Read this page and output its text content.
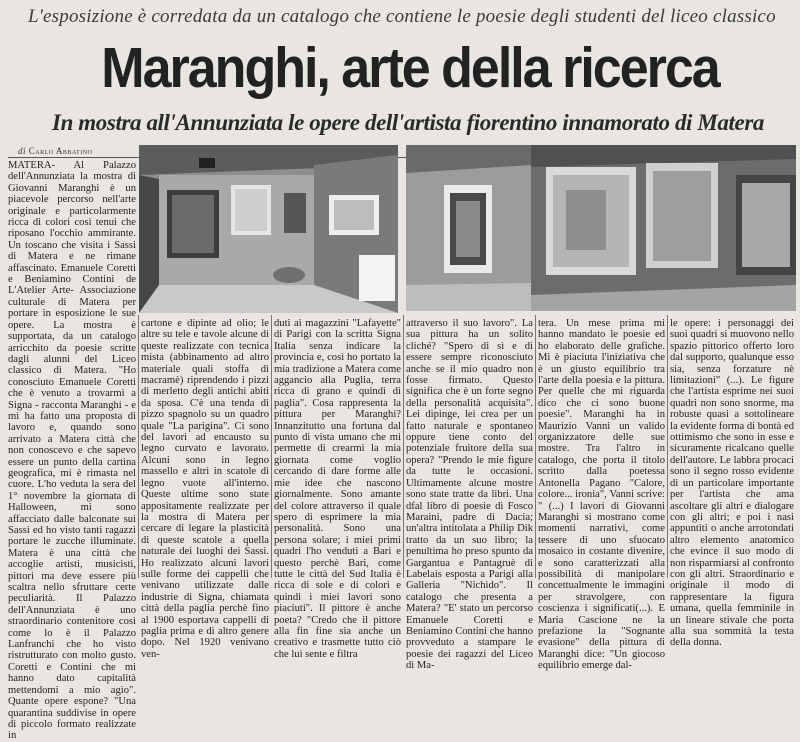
L'esposizione è corredata da un catalogo che contiene le poesie degli studenti del liceo classico
Maranghi, arte della ricerca
In mostra all'Annunziata le opere dell'artista fiorentino innamorato di Matera
di Carlo Abbatino
MATERA- Al Palazzo dell'Annunziata la mostra di Giovanni Maranghi è un piacevole percorso nell'arte originale e particolarmente ricca di colori così tenui che riposano l'occhio ammirante. Un toscano che visita i Sassi di Matera e ne rimane affascinato. Emanuele Coretti e Beniamino Contini de L'Atelier Arte- Associazione culturale di Matera per portare in esposizione le sue opere. La mostra è supportata, da un catalogo arricchito da poesie scritte dagli alunni del Liceo classico di Matera. "Ho conosciuto Emanuele Coretti che è venuto a trovarmi a Signa - racconta Maranghi - e mi ha fatto una proposta di lavoro e, quando sono arrivato a Matera città che non conoscevo e che sapevo essere un punto della cartina geografica, mi è rimasta nel cuore. L'ho veduta la sera del 1° novembre la giornata di Halloween, mi sono affacciato dalle balconate sui Sassi ed ho visto tanti ragazzi portare le zucche illuminate. Matera è una città che accoglie artisti, musicisti, pittori ma deve essere più scaltra nello sfruttare certe peculiarità. Il Palazzo dell'Annunziata è uno straordinario contenitore così come lo è il Palazzo Lanfranchi che ho visto ristrutturato con molto gusto. Coretti e Contini che mi hanno dato capitalità mettendomi a mio agio". Quante opere espone? "Una quarantina suddivise in opere di piccolo formato realizzate in
cartone e dipinte ad olio; le altre su tele e tavole alcune di queste realizzate con tecnica mista (abbinamento ad altro materiale quali stoffa di macramè) riprendendo i pizzi di merletto degli antichi abiti da sposa. C'è una tenda di pizzo spagnolo su un quadro quale "La parigina". Ci sono del lavori ad encausto su legno curvato e lavorato. Alcuni sono in legno massello e altri in scatole di legno vuote all'interno. Queste ultime sono state appositamente realizzate per la mostra di Matera per cercare di legare la plasticità di queste scatole a quella naturale dei luoghi dei Sassi. Ho realizzato alcuni lavori sulle forme dei cappelli che venivano utilizzate dalle industrie di Signa, chiamata città della paglia perchè fino al 1900 esportava cappelli di paglia prima e di altro genere dopo. Nel 1920 venivano ven-
duti ai magazzini "Lafayette" di Parigi con la scritta Signa Italia senza indicare la provincia e, così ho portato la mia tradizione a Matera come aggancio alla Puglia, terra ricca di grano e quindi di paglia". Cosa rappresenta la pittura per Maranghi? Innanzitutto una fortuna dal punto di vista umano che mi permette di crearmi la mia giornata come voglio cercando di dare forme alle mie idee che nascono giornalmente. Sono amante del colore attraverso il quale spero di esprimere la mia personalità. Sono una persona solare; i miei primi quadri l'ho venduti a Bari e questo perchè Bari, come tutte le città del Sud Italia è ricca di sole e di colori e quindi i miei lavori sono piaciuti". Il pittore è anche poeta? "Credo che il pittore alla fin fine sia anche un creativo e trasmette tutto ciò che lui sente e filtra
attraverso il suo lavoro". La sua pittura ha un solito cliché? "Spero di sì e di essere sempre riconosciuto anche se il mio quadro non fosse firmato. Questo significa che è un forte segno della personalità acquisita". Lei dipinge, lei crea per un fatto naturale e spontaneo oppure tiene conto del potenziale fruitore della sua opera? "Prendo le mie figure da tutte le occasioni. Ultimamente alcune mostre sono state tratte da libri. Una dfal libro di poesie di Fosco Maraini, padre di Dacia; un'altra intitolata a Philip Dik tratto da un suo libro; la penultima ho preso spunto da Gargantua e Pantagruè di Labelais esposta a Parigi alla Galleria "Nichido". Il catalogo che presenta a Matera? "E' stato un percorso Emanuele Coretti e Beniamino Contini che hanno provveduto a stampare le poesie dei ragazzi del Liceo di Ma-
tera. Un mese prima mi hanno mandato le poesie ed ho elaborato delle grafiche. Mi è piaciuta l'iniziativa che è un giusto equilibrio tra l'arte della poesia e la pittura. Per quelle che mi riguarda dico che ci sono buone poesie". Maranghi ha in Maurizio Vanni un valido organizzatore delle sue mostre. Tra l'altro in catalogo, che porta il titolo scritto dalla poetessa Antonella Pagano "Calore, colore... ironia", Vanni scrive: " (...) I lavori di Giovanni Maranghi si mostrano come momenti narrativi, come tessere di uno sfuocato mosaico in costante divenire, e sono caratterizzati alla possibilità di manipolare concettualmente le immagini per stravolgere, con coscienza i significati(...). E Maria Cascione ne la prefazione la "Sognante evasione" della pittura di Maranghi dice: "Un giocoso equilibrio emerge dal-
le opere: i personaggi dei suoi quadri si muovono nello spazio pittorico offerto loro dal supporto, qualunque esso sia, senza forzature nè limitazioni" (...). Le figure che l'artista esprime nei suoi quadri non sono snorme, ma robuste quasi a sottolineare la evidente forma di bontà ed ottimismo che sono in esse e sicuramente ricalcano quelle dell'autore. Le labbra procaci sono il segno rosso evidente di un particolare importante per l'artista che ama ascoltare gli altri e dialogare con gli altri; e poi i nasi appuntiti o anche arrotondati altro elemento anatomico che evince il suo modo di non risparmiarsi al confronto con gli altri. Straordinario e originale il modo di rappresentare la figura umana, quella femminile in un lineare stivale che porta alla sua sommità la testa della donna.
